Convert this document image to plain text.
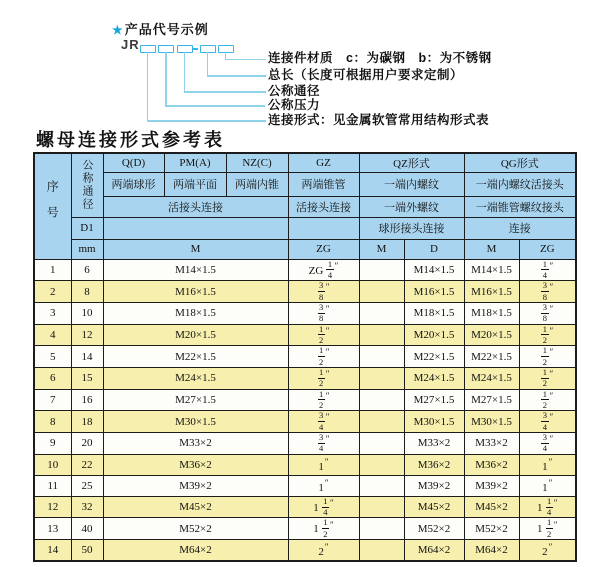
★产品代号示例
JR
连接件材质　c：为碳钢　b：为不锈钢
总长（长度可根据用户要求定制）
公称通径
公称压力
连接形式：见金属软管常用结构形式表
螺母连接形式参考表
序号	公称通径	Q(D)	PM(A)	NZ(C)	GZ	QZ形式		QG形式	
		两端球形	两端平面	两端内锥	两端锥管	一端内螺纹		一端内螺纹活接头	
		活接头连接			活接头连接	一端外螺纹		一端锥管螺纹接头	
	D1					球形接头连接		连接	
	mm	M			ZG	M	D	M	ZG
1	6	M14×1.5			ZG $\frac{1}{4} ''$		M14×1.5	M14×1.5	$\frac{1}{4} ''$
2	8	M16×1.5			$\frac{3}{8} ''$		M16×1.5	M16×1.5	$\frac{3}{8} ''$
3	10	M18×1.5			$\frac{3}{8} ''$		M18×1.5	M18×1.5	$\frac{3}{8} ''$
4	12	M20×1.5			$\frac{1}{2} ''$		M20×1.5	M20×1.5	$\frac{1}{2} ''$
5	14	M22×1.5			$\frac{1}{2} ''$		M22×1.5	M22×1.5	$\frac{1}{2} ''$
6	15	M24×1.5			$\frac{1}{2} ''$		M24×1.5	M24×1.5	$\frac{1}{2} ''$
7	16	M27×1.5			$\frac{1}{2} ''$		M27×1.5	M27×1.5	$\frac{1}{2} ''$
8	18	M30×1.5			$\frac{3}{4} ''$		M30×1.5	M30×1.5	$\frac{3}{4} ''$
9	20	M33×2			$\frac{3}{4} ''$		M33×2	M33×2	$\frac{3}{4} ''$
10	22	M36×2			1″		M36×2	M36×2	1″
11	25	M39×2			1″		M39×2	M39×2	1″
12	32	M45×2			$1 \frac{1}{4} ''$		M45×2	M45×2	$1 \frac{1}{4} ''$
13	40	M52×2			$1 \frac{1}{2} ''$		M52×2	M52×2	$1 \frac{1}{2} ''$
14	50	M64×2			2″		M64×2	M64×2	2″
